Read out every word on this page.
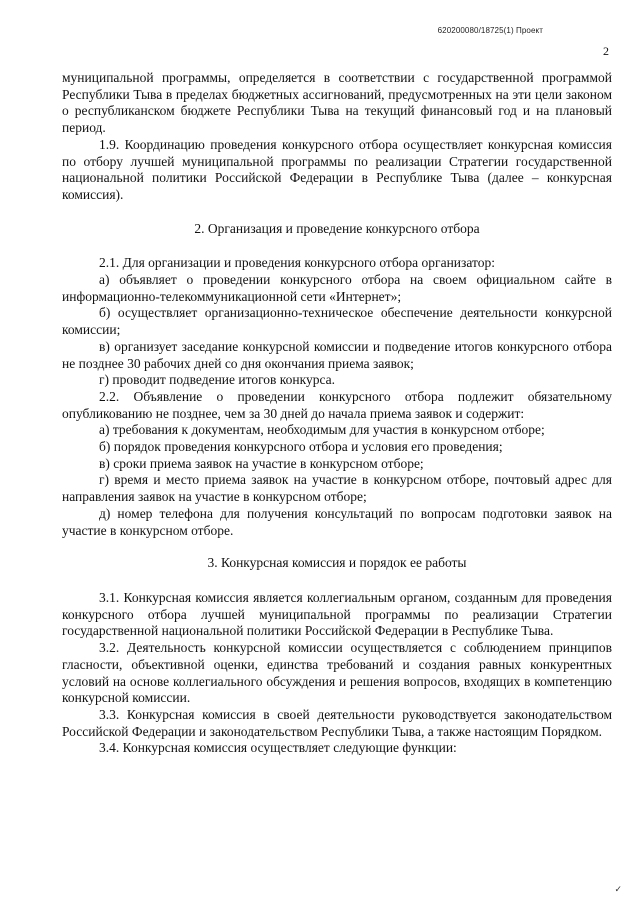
620200080/18725(1) Проект
2

муниципальной программы, определяется в соответствии с государственной программой Республики Тыва в пределах бюджетных ассигнований, предусмотренных на эти цели законом о республиканском бюджете Республики Тыва на текущий финансовый год и на плановый период.

1.9. Координацию проведения конкурсного отбора осуществляет конкурсная комиссия по отбору лучшей муниципальной программы по реализации Стратегии государственной национальной политики Российской Федерации в Республике Тыва (далее – конкурсная комиссия).

2. Организация и проведение конкурсного отбора

2.1. Для организации и проведения конкурсного отбора организатор:

а) объявляет о проведении конкурсного отбора на своем официальном сайте в информационно-телекоммуникационной сети «Интернет»;

б) осуществляет организационно-техническое обеспечение деятельности конкурсной комиссии;

в) организует заседание конкурсной комиссии и подведение итогов конкурсного отбора не позднее 30 рабочих дней со дня окончания приема заявок;

г) проводит подведение итогов конкурса.

2.2. Объявление о проведении конкурсного отбора подлежит обязательному опубликованию не позднее, чем за 30 дней до начала приема заявок и содержит:

а) требования к документам, необходимым для участия в конкурсном отборе;

б) порядок проведения конкурсного отбора и условия его проведения;

в) сроки приема заявок на участие в конкурсном отборе;

г) время и место приема заявок на участие в конкурсном отборе, почтовый адрес для направления заявок на участие в конкурсном отборе;

д) номер телефона для получения консультаций по вопросам подготовки заявок на участие в конкурсном отборе.

3. Конкурсная комиссия и порядок ее работы

3.1. Конкурсная комиссия является коллегиальным органом, созданным для проведения конкурсного отбора лучшей муниципальной программы по реализации Стратегии государственной национальной политики Российской Федерации в Республике Тыва.

3.2. Деятельность конкурсной комиссии осуществляется с соблюдением принципов гласности, объективной оценки, единства требований и создания равных конкурентных условий на основе коллегиального обсуждения и решения вопросов, входящих в компетенцию конкурсной комиссии.

3.3. Конкурсная комиссия в своей деятельности руководствуется законодательством Российской Федерации и законодательством Республики Тыва, а также настоящим Порядком.

3.4. Конкурсная комиссия осуществляет следующие функции:

✓
